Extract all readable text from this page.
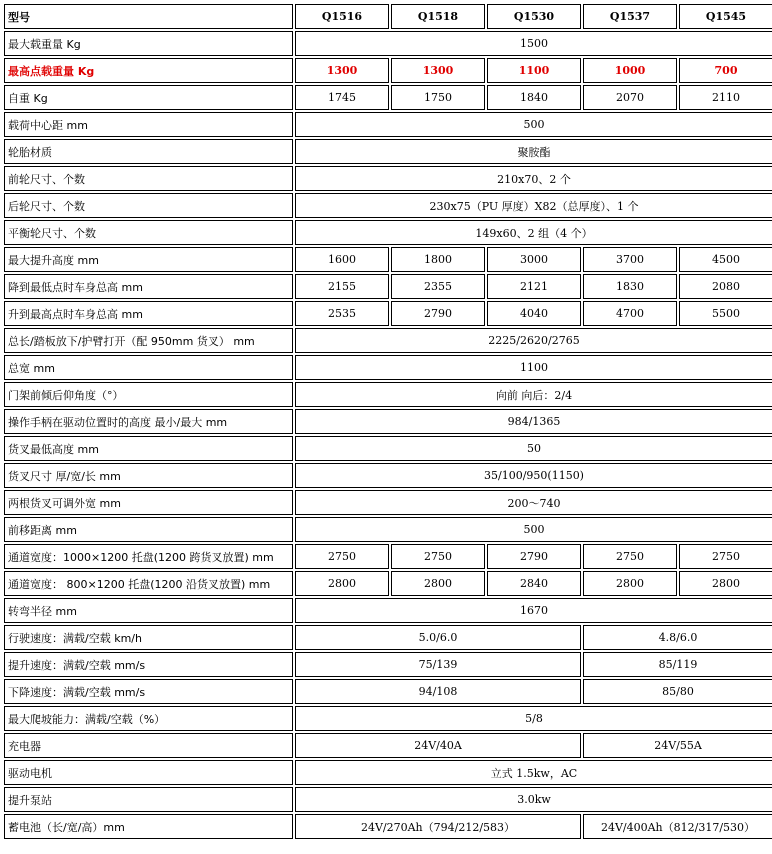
型号	Q1516	Q1518	Q1530	Q1537	Q1545
最大载重量 Kg	1500				
最高点载重量 Kg	1300	1300	1100	1000	700
自重 Kg	1745	1750	1840	2070	2110
载荷中心距 mm	500				
轮胎材质	聚胺酯				
前轮尺寸、个数	210x70、2 个				
后轮尺寸、个数	230x75（PU 厚度）X82（总厚度）、1 个				
平衡轮尺寸、个数	149x60、2 组（4 个）				
最大提升高度 mm	1600	1800	3000	3700	4500
降到最低点时车身总高 mm	2155	2355	2121	1830	2080
升到最高点时车身总高 mm	2535	2790	4040	4700	5500
总长/踏板放下/护臂打开（配 950mm 货叉） mm	2225/2620/2765				
总宽 mm	1100				
门架前倾后仰角度（°）	向前 向后：2/4				
操作手柄在驱动位置时的高度 最小/最大 mm	984/1365				
货叉最低高度 mm	50				
货叉尺寸 厚/宽/长 mm	35/100/950(1150)				
两根货叉可调外宽 mm	200～740				
前移距离 mm	500				
通道宽度：1000×1200 托盘(1200 跨货叉放置) mm	2750	2750	2790	2750	2750
通道宽度： 800×1200 托盘(1200 沿货叉放置) mm	2800	2800	2840	2800	2800
转弯半径 mm	1670				
行驶速度：满载/空载 km/h	5.0/6.0			4.8/6.0	
提升速度：满载/空载 mm/s	75/139			85/119	
下降速度：满载/空载 mm/s	94/108			85/80	
最大爬坡能力：满载/空载（%）	5/8				
充电器	24V/40A			24V/55A	
驱动电机	立式 1.5kw，AC				
提升泵站	3.0kw				
蓄电池（长/宽/高）mm	24V/270Ah（794/212/583）			24V/400Ah（812/317/530）	
